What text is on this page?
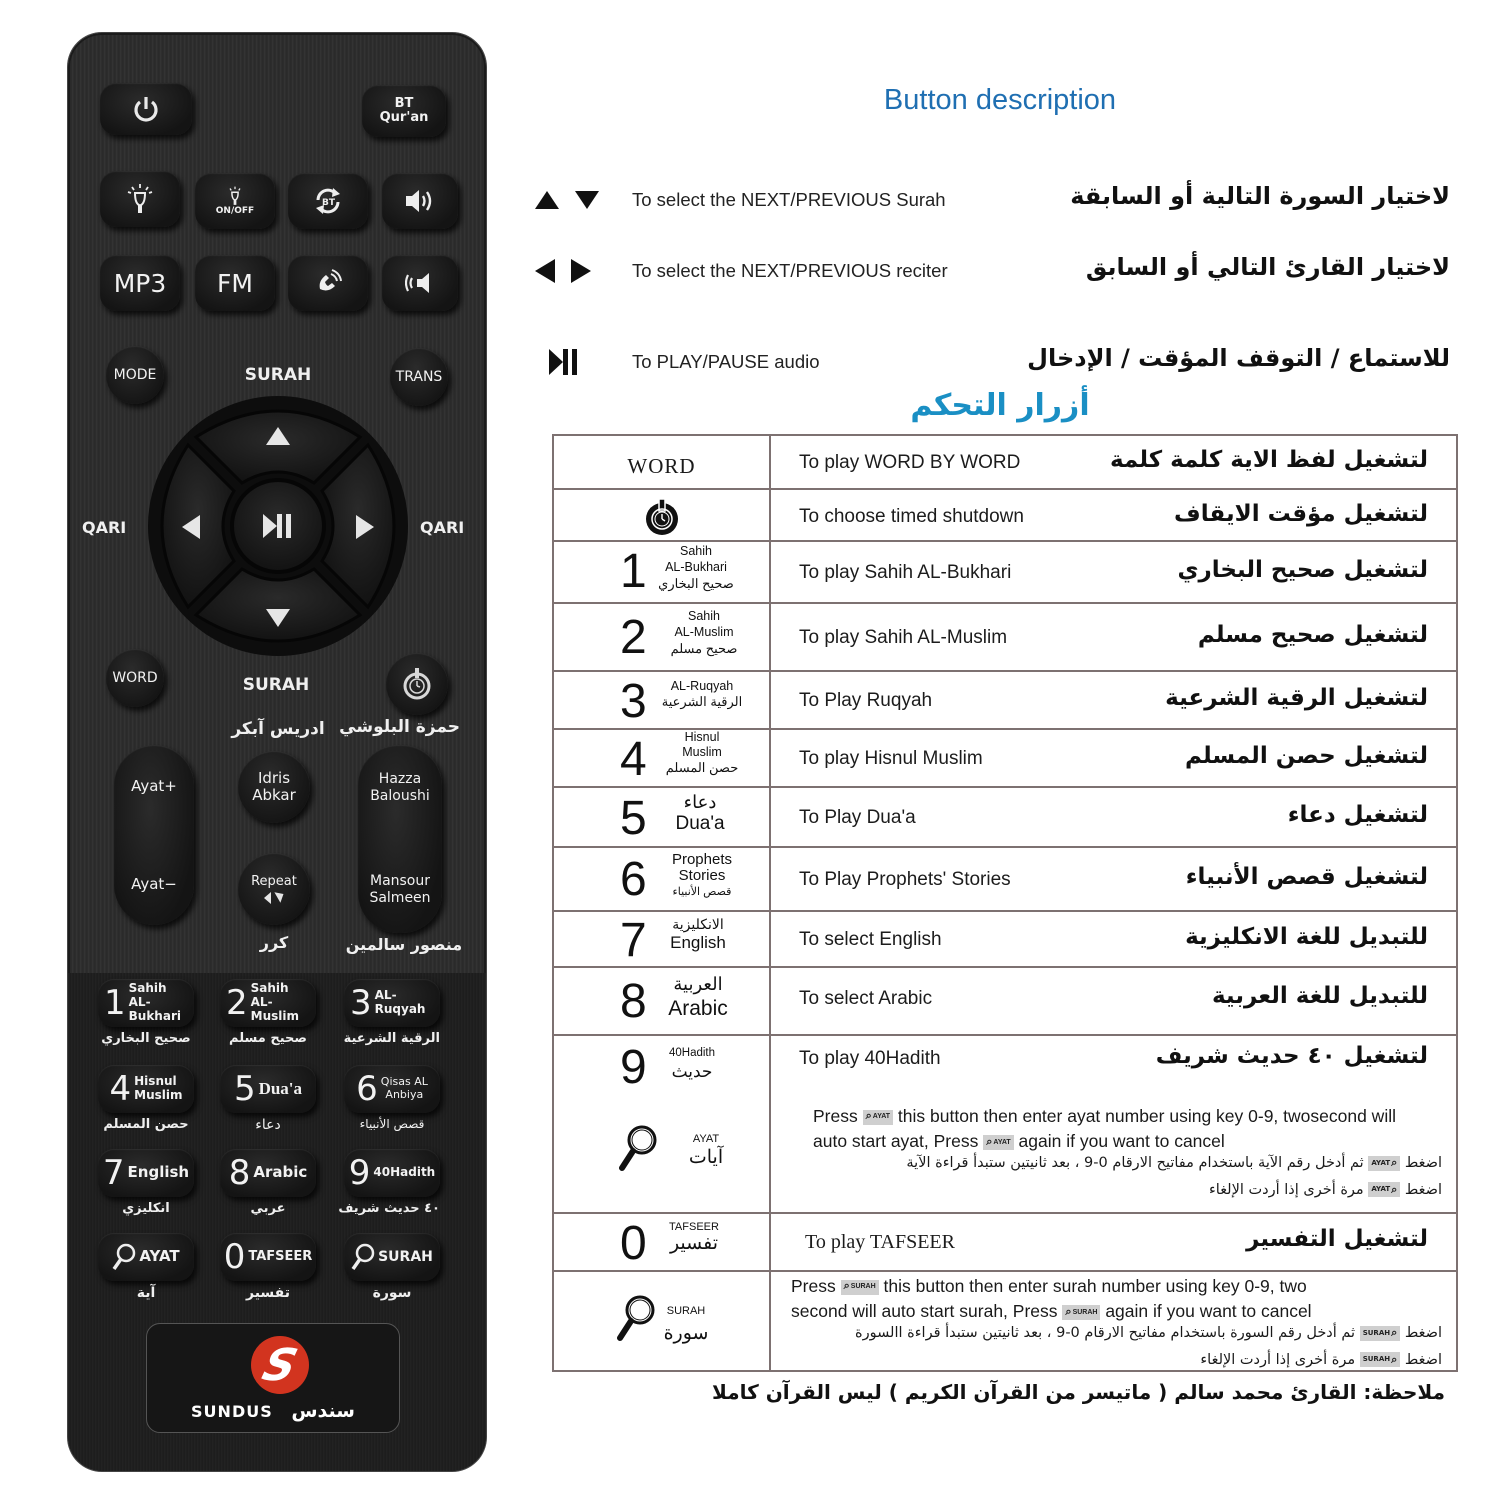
BT
Qur'an
ON/OFF
BT
MP3 FM
MODE	TRANS
SURAH
QARI	QARI
WORD	SURAH
ادريس آبكر حمزة البلوشي
Ayat+
Ayat−
Idris
Abkar
Repeat
Hazza
Baloushi
Mansour
Salmeen
كرر	منصور سالمين
1 Sahih
AL-Bukhari 2 Sahih
AL-Muslim	3 AL-Ruqyah
صحيح البخاري	صحيح مسلم	الرقية الشرعية
4 Hisnul
Muslim 5 Dua'a 6 Qisas AL
Anbiya
حصن المسلم	دعاء	قصص الأنبياء
7 English 8 Arabic 9 40Hadith
انكليزي	عربي	٤٠ حديث شريف
AYAT 0 TAFSEER	SURAH
آية	تفسير	سورة
S
SUNDUS سندس
Button description
To select the NEXT/PREVIOUS Surah	لاختيار السورة التالية أو السابقة
To select the NEXT/PREVIOUS reciter	لاختيار القارئ التالي أو السابق
To PLAY/PAUSE audio	للاستماع / التوقف المؤقت / الإدخال
أزرار التحكم
WORD	To play WORD BY WORD لتشغيل لفظ الاية كلمة كلمة

To choose timed shutdown لتشغيل مؤقت الايقاف

1 Sahih
AL-Bukhari
صحيح البخاري	To play Sahih AL-Bukhari لتشغيل صحيح البخاري

2 Sahih
AL-Muslim
صحيح مسلم	To play Sahih AL-Muslim لتشغيل صحيح مسلم

3 AL-Ruqyah
الرقية الشرعية	To Play Ruqyah لتشغيل الرقية الشرعية

4 Hisnul
Muslim
حصن المسلم	To play Hisnul Muslim لتشغيل حصن المسلم

5 دعاء
Dua'a	To Play Dua'a لتشغيل دعاء

6 Prophets
Stories
قصص الأنبياء	To Play Prophets' Stories لتشغيل قصص الأنبياء

7 الانكليزية
English	To select English للتبديل للغة الانكليزية

8 العربية
Arabic	To select Arabic للتبديل للغة العربية

9	40Hadith
حديث
AYAT
آيات

To play 40Hadith	لتشغيل ٤٠ حديث شريف
Press ⌕ AYAT this button then enter ayat number using key 0-9, twosecond will
auto start ayat, Press ⌕ AYAT again if you want to cancel
اضغط
⌕
AYAT
ثم أدخل رقم الآية باستخدام مفاتيح الارقام 0-9 ، بعد ثانيتين ستبدأ قراءة الآية
اضغط
⌕
AYAT
مرة أخرى إذا أردت الإلغاء

0 TAFSEER
تفسير	To play TAFSEER لتشغيل التفسير

SURAH
سورة

Press ⌕ SURAH this button then enter surah number using key 0-9, two
second will auto start surah, Press ⌕ SURAH again if you want to cancel
اضغط
⌕
SURAH
ثم أدخل رقم السورة باستخدام مفاتيح الارقام 0-9 ، بعد ثانيتين ستبدأ قراءة االسورة
اضغط
⌕
SURAH
مرة أخرى إذا أردت الإلغاء
ملاحظة: القارئ محمد سالم ( ماتيسر من القرآن الكريم ) ليس القرآن كاملا
